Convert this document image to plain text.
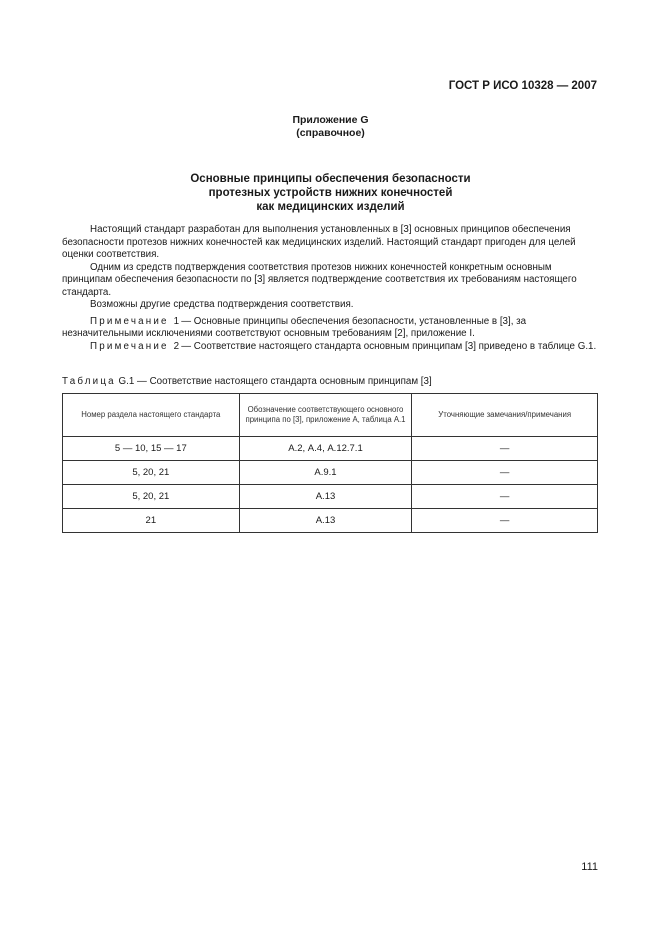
ГОСТ Р ИСО 10328 — 2007
Приложение G
(справочное)
Основные принципы обеспечения безопасности
протезных устройств нижних конечностей
как медицинских изделий

Настоящий стандарт разработан для выполнения установленных в [3] основных принципов обеспечения безопасности протезов нижних конечностей как медицинских изделий. Настоящий стандарт пригоден для целей оценки соответствия.

Одним из средств подтверждения соответствия протезов нижних конечностей конкретным основным принципам обеспечения безопасности по [3] является подтверждение соответствия их требованиям настоящего стандарта.

Возможны другие средства подтверждения соответствия.

Примечание 1— Основные принципы обеспечения безопасности, установленные в [3], за незначительными исключениями соответствуют основным требованиям [2], приложение I.

Примечание 2— Соответствие настоящего стандарта основным принципам [3] приведено в таблице G.1.

Таблица G.1 — Соответствие настоящего стандарта основным принципам [3]
Номер раздела настоящего стандарта	Обозначение соответствующего основного принципа по [3], приложение А, таблица А.1	Уточняющие замечания/примечания
5 — 10, 15 — 17	А.2, А.4, А.12.7.1	—
5, 20, 21	А.9.1	—
5, 20, 21	А.13	—
21	А.13	—
111
